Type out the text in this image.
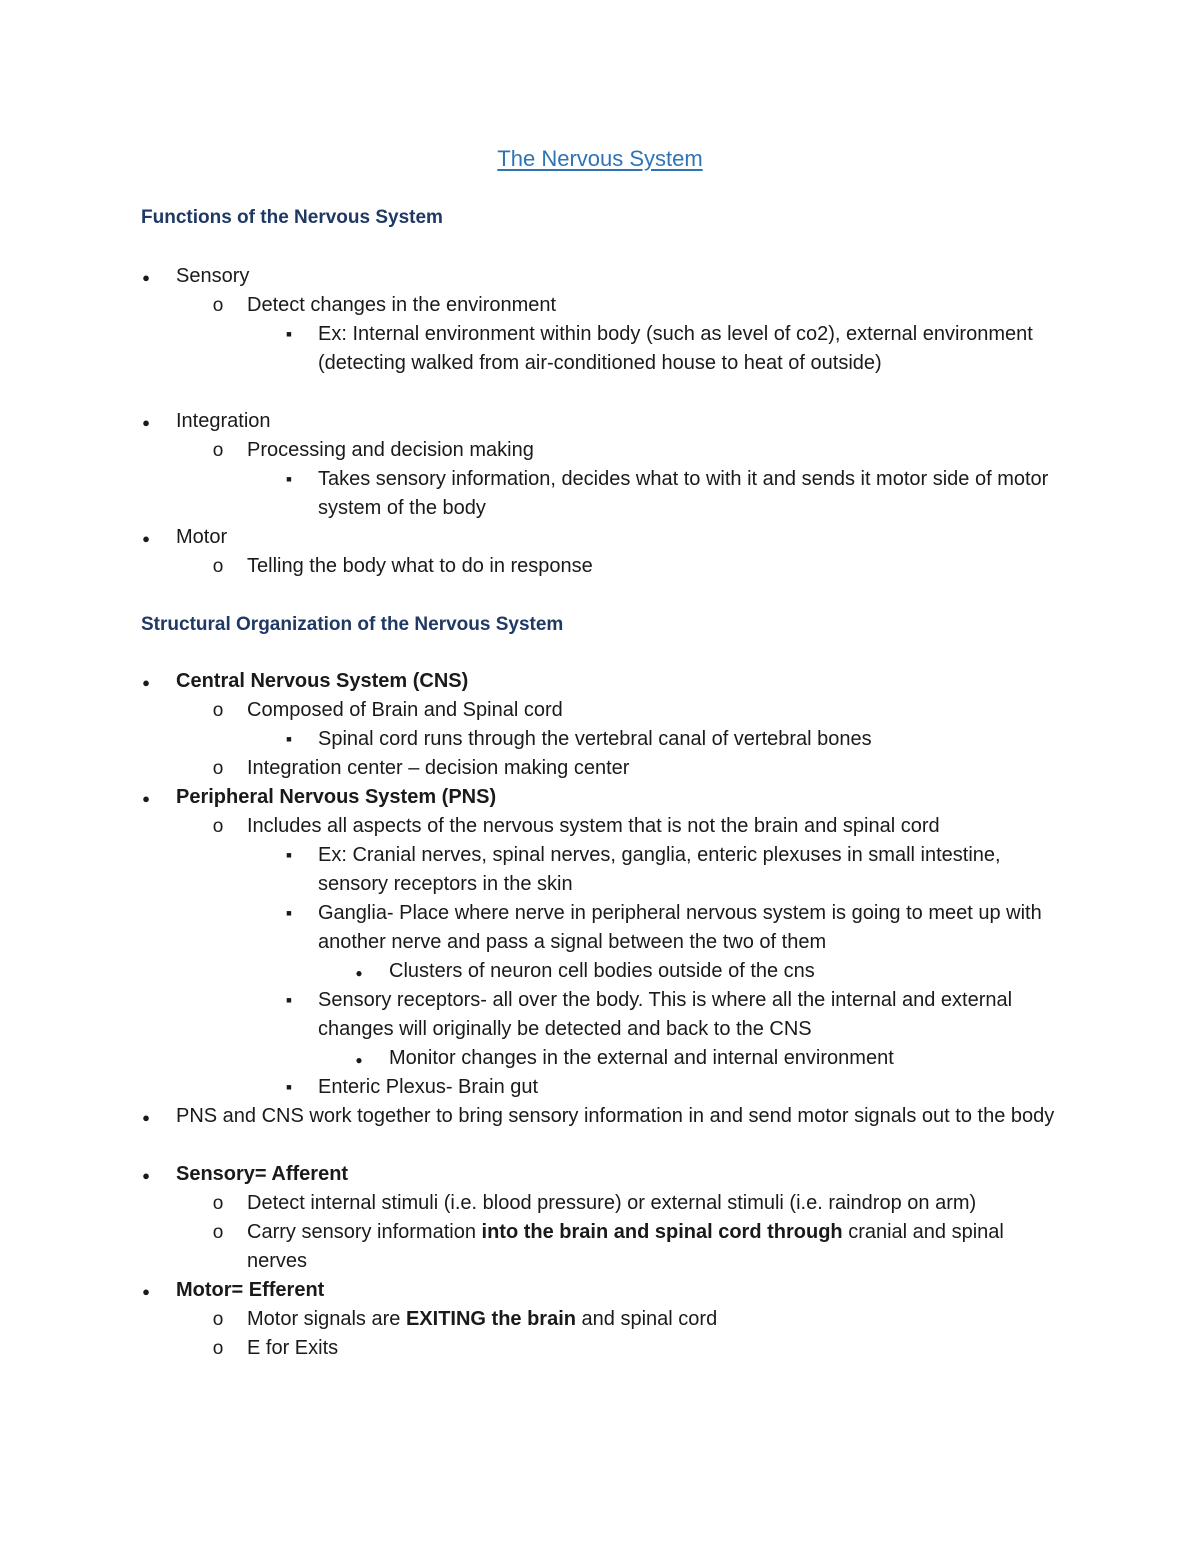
The Nervous System
Functions of the Nervous System
●
Sensory
o
Detect changes in the environment
▪
Ex: Internal environment within body (such as level of co2), external environment (detecting walked from air-conditioned house to heat of outside)
●
Integration
o
Processing and decision making
▪
Takes sensory information, decides what to with it and sends it motor side of motor system of the body
●
Motor
o
Telling the body what to do in response
Structural Organization of the Nervous System
●
Central Nervous System (CNS)
o
Composed of Brain and Spinal cord
▪
Spinal cord runs through the vertebral canal of vertebral bones
o
Integration center – decision making center
●
Peripheral Nervous System (PNS)
o
Includes all aspects of the nervous system that is not the brain and spinal cord
▪
Ex: Cranial nerves, spinal nerves, ganglia, enteric plexuses in small intestine, sensory receptors in the skin
▪
Ganglia- Place where nerve in peripheral nervous system is going to meet up with another nerve and pass a signal between the two of them
●
Clusters of neuron cell bodies outside of the cns
▪
Sensory receptors- all over the body. This is where all the internal and external changes will originally be detected and back to the CNS
●
Monitor changes in the external and internal environment
▪
Enteric Plexus- Brain gut
●
PNS and CNS work together to bring sensory information in and send motor signals out to the body
●
Sensory= Afferent
o
Detect internal stimuli (i.e. blood pressure) or external stimuli (i.e. raindrop on arm)
o
Carry sensory information into the brain and spinal cord through cranial and spinal nerves
●
Motor= Efferent
o
Motor signals are EXITING the brain and spinal cord
o
E for Exits
